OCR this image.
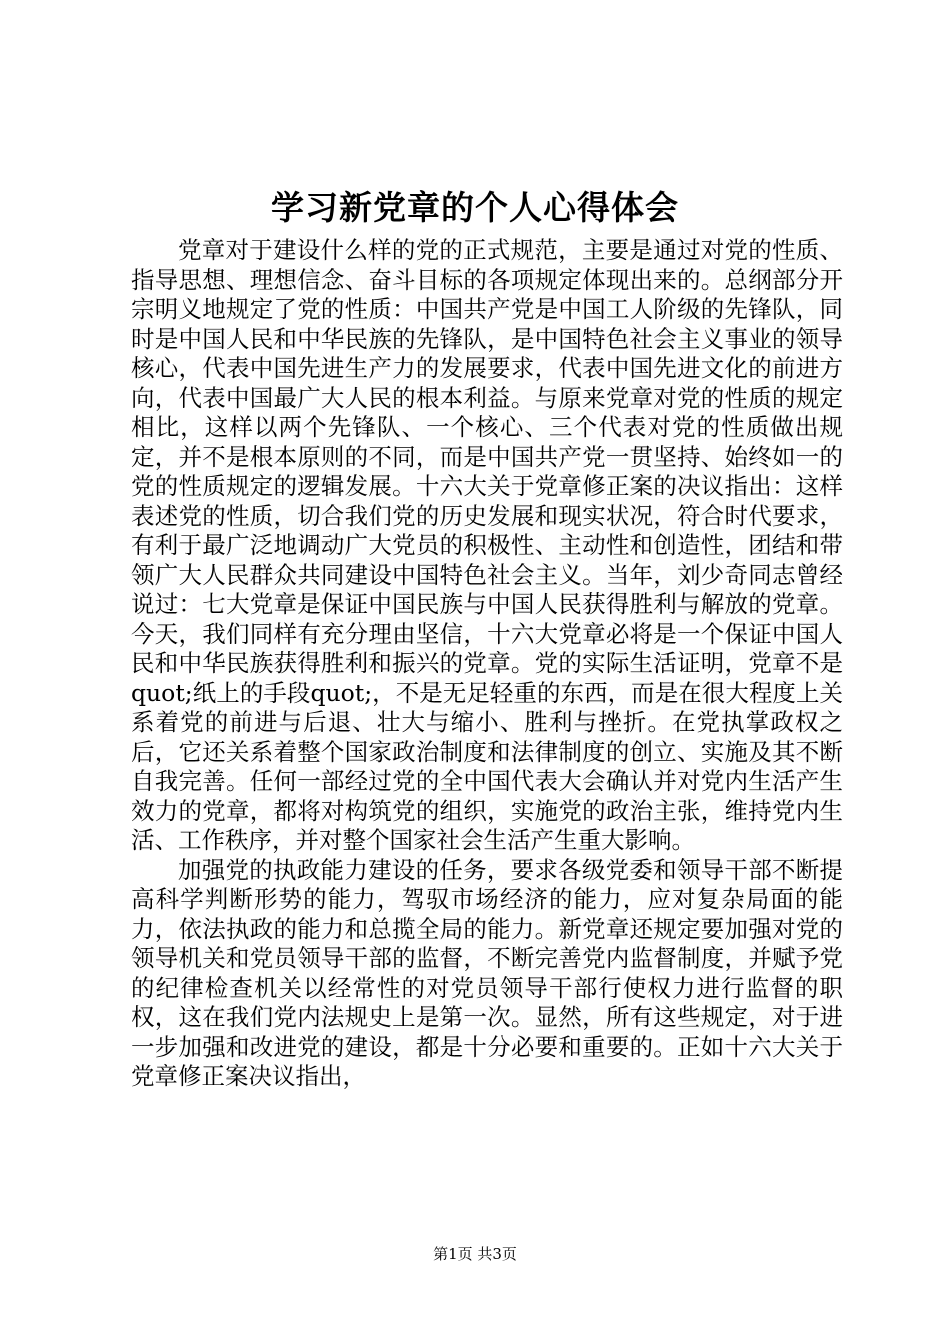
学习新党章的个人心得体会

党章对于建设什么样的党的正式规范，主要是通过对党的性质、指导思想、理想信念、奋斗目标的各项规定体现出来的。总纲部分开宗明义地规定了党的性质：中国共产党是中国工人阶级的先锋队，同时是中国人民和中华民族的先锋队，是中国特色社会主义事业的领导核心，代表中国先进生产力的发展要求，代表中国先进文化的前进方向，代表中国最广大人民的根本利益。与原来党章对党的性质的规定相比，这样以两个先锋队、一个核心、三个代表对党的性质做出规定，并不是根本原则的不同，而是中国共产党一贯坚持、始终如一的党的性质规定的逻辑发展。十六大关于党章修正案的决议指出：这样表述党的性质，切合我们党的历史发展和现实状况，符合时代要求，有利于最广泛地调动广大党员的积极性、主动性和创造性，团结和带领广大人民群众共同建设中国特色社会主义。当年，刘少奇同志曾经说过：七大党章是保证中国民族与中国人民获得胜利与解放的党章。今天，我们同样有充分理由坚信，十六大党章必将是一个保证中国人民和中华民族获得胜利和振兴的党章。党的实际生活证明，党章不是quot;纸上的手段quot;，不是无足轻重的东西，而是在很大程度上关系着党的前进与后退、壮大与缩小、胜利与挫折。在党执掌政权之后，它还关系着整个国家政治制度和法律制度的创立、实施及其不断自我完善。任何一部经过党的全中国代表大会确认并对党内生活产生效力的党章，都将对构筑党的组织，实施党的政治主张，维持党内生活、工作秩序，并对整个国家社会生活产生重大影响。

加强党的执政能力建设的任务，要求各级党委和领导干部不断提高科学判断形势的能力，驾驭市场经济的能力，应对复杂局面的能力，依法执政的能力和总揽全局的能力。新党章还规定要加强对党的领导机关和党员领导干部的监督，不断完善党内监督制度，并赋予党的纪律检查机关以经常性的对党员领导干部行使权力进行监督的职权，这在我们党内法规史上是第一次。显然，所有这些规定，对于进一步加强和改进党的建设，都是十分必要和重要的。正如十六大关于党章修正案决议指出，

第1页 共3页
